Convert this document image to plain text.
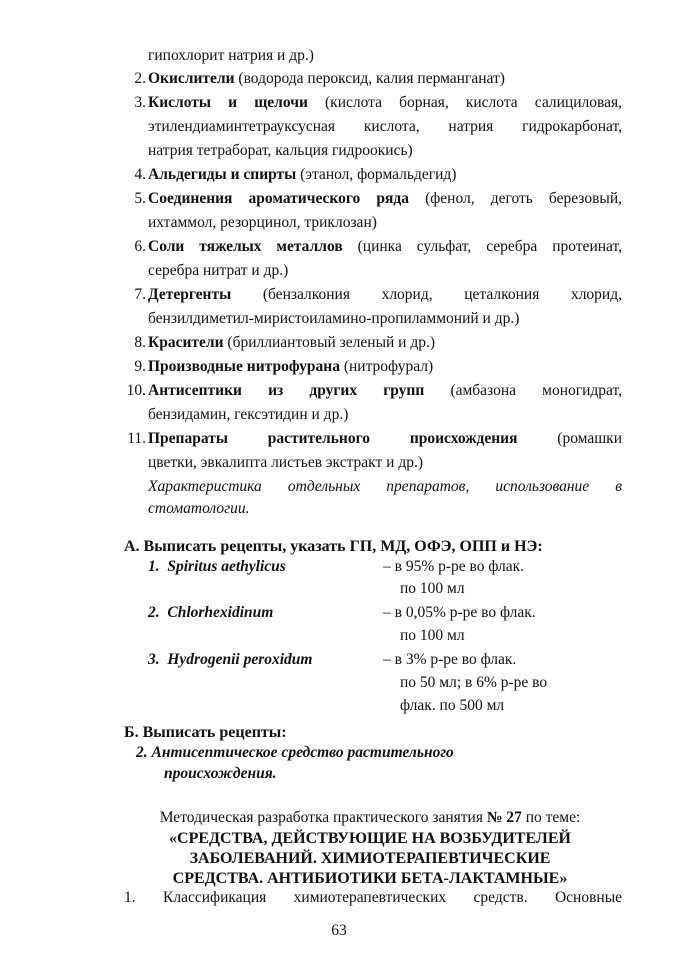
гипохлорит натрия и др.)
2. Окислители (водорода пероксид, калия перманганат)
3. Кислоты и щелочи (кислота борная, кислота салициловая,
этилендиаминтетрауксусная кислота, натрия гидрокарбонат,
натрия тетраборат, кальция гидроокись)
4. Альдегиды и спирты (этанол, формальдегид)
5. Соединения ароматического ряда (фенол, деготь березовый,
ихтаммол, резорцинол, триклозан)
6. Соли тяжелых металлов (цинка сульфат, серебра протеинат,
серебра нитрат и др.)
7. Детергенты (бензалкония хлорид, цеталкония хлорид,
бензилдиметил-миристоиламино-пропиламмоний и др.)
8. Красители (бриллиантовый зеленый и др.)
9. Производные нитрофурана (нитрофурал)
10. Антисептики из других групп (амбазона моногидрат,
бензидамин, гексэтидин и др.)
11. Препараты растительного происхождения (ромашки
цветки, эвкалипта листьев экстракт и др.)
Характеристика отдельных препаратов, использование в
стоматологии.
А. Выписать рецепты, указать ГП, МД, ОФЭ, ОПП и НЭ:
1. Spiritus aethylicus	– в 95% р-ре во флак.
по 100 мл
2. Chlorhexidinum	– в 0,05% р-ре во флак.
по 100 мл
3. Hydrogenii peroxidum	– в 3% р-ре во флак.
по 50 мл; в 6% р-ре во
флак. по 500 мл
Б. Выписать рецепты:
2. Антисептическое средство растительного
происхождения.
Методическая разработка практического занятия № 27 по теме:
«СРЕДСТВА, ДЕЙСТВУЮЩИЕ НА ВОЗБУДИТЕЛЕЙ
ЗАБОЛЕВАНИЙ. ХИМИОТЕРАПЕВТИЧЕСКИЕ
СРЕДСТВА. АНТИБИОТИКИ БЕТА-ЛАКТАМНЫЕ»
1. Классификация химиотерапевтических средств. Основные
63
